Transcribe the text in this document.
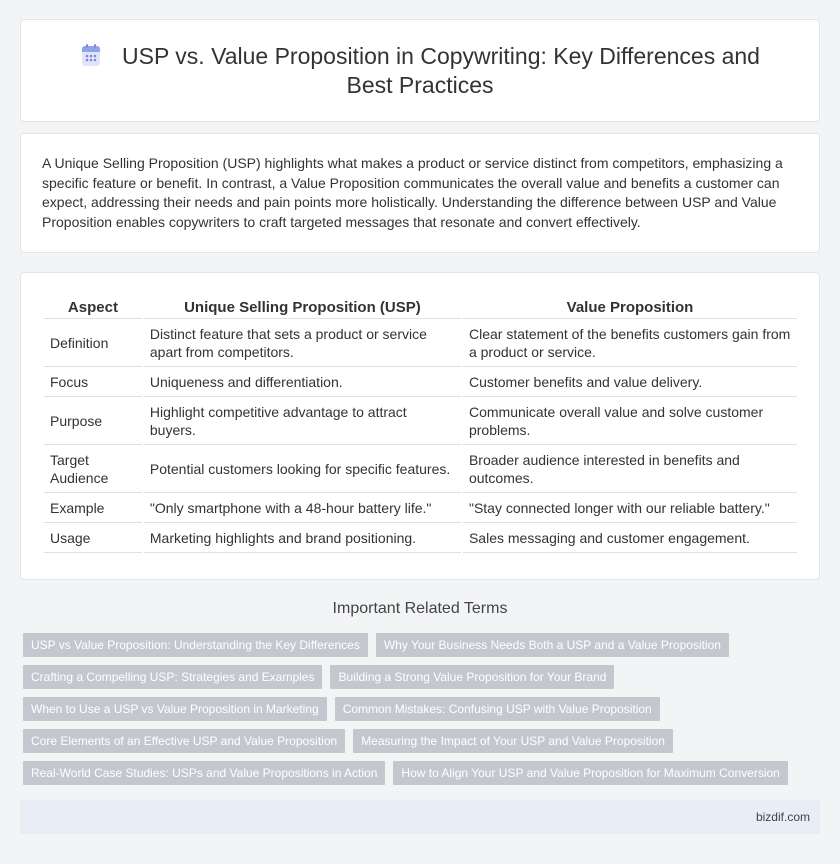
USP vs. Value Proposition in Copywriting: Key Differences and Best Practices

A Unique Selling Proposition (USP) highlights what makes a product or service distinct from competitors, emphasizing a specific feature or benefit. In contrast, a Value Proposition communicates the overall value and benefits a customer can expect, addressing their needs and pain points more holistically. Understanding the difference between USP and Value Proposition enables copywriters to craft targeted messages that resonate and convert effectively.

Aspect	Unique Selling Proposition (USP)	Value Proposition
Definition	Distinct feature that sets a product or service apart from competitors.	Clear statement of the benefits customers gain from a product or service.
Focus	Uniqueness and differentiation.	Customer benefits and value delivery.
Purpose	Highlight competitive advantage to attract buyers.	Communicate overall value and solve customer problems.
Target Audience	Potential customers looking for specific features.	Broader audience interested in benefits and outcomes.
Example	"Only smartphone with a 48-hour battery life."	"Stay connected longer with our reliable battery."
Usage	Marketing highlights and brand positioning.	Sales messaging and customer engagement.
Important Related Terms
USP vs Value Proposition: Understanding the Key Differences	Why Your Business Needs Both a USP and a Value Proposition
Crafting a Compelling USP: Strategies and Examples	Building a Strong Value Proposition for Your Brand
When to Use a USP vs Value Proposition in Marketing	Common Mistakes: Confusing USP with Value Proposition
Core Elements of an Effective USP and Value Proposition	Measuring the Impact of Your USP and Value Proposition
Real-World Case Studies: USPs and Value Propositions in Action	How to Align Your USP and Value Proposition for Maximum Conversion
bizdif.com
